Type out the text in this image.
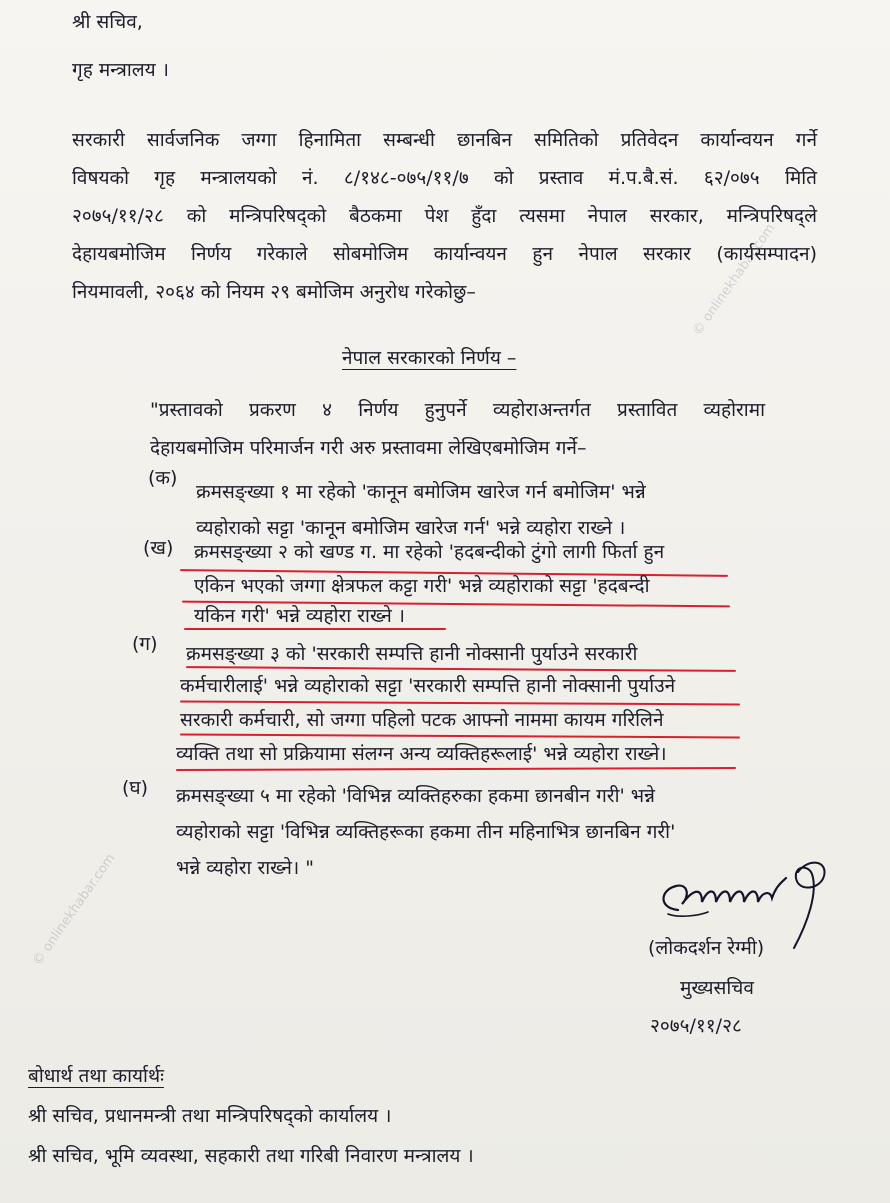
© onlinekhabar.com
© onlinekhabar.com
श्री सचिव,
गृह मन्त्रालय ।
सरकारी सार्वजनिक जग्गा हिनामिता सम्बन्धी छानबिन समितिको प्रतिवेदन कार्यान्वयन गर्ने
विषयको गृह मन्त्रालयको नं. ८/१४८-०७५/११/७ को प्रस्ताव मं.प.बै.सं. ६२/०७५ मिति
२०७५/११/२८ को मन्त्रिपरिषद्को बैठकमा पेश हुँदा त्यसमा नेपाल सरकार, मन्त्रिपरिषद्ले
देहायबमोजिम निर्णय गरेकाले सोबमोजिम कार्यान्वयन हुन नेपाल सरकार (कार्यसम्पादन)
नियमावली, २०६४ को नियम २९ बमोजिम अनुरोध गरेकोछु–
नेपाल सरकारको निर्णय –
"प्रस्तावको प्रकरण ४ निर्णय हुनुपर्ने व्यहोराअन्तर्गत प्रस्तावित व्यहोरामा
देहायबमोजिम परिमार्जन गरी अरु प्रस्तावमा लेखिएबमोजिम गर्ने–
(क)
क्रमसङ्ख्या १ मा रहेको 'कानून बमोजिम खारेज गर्न बमोजिम' भन्ने
व्यहोराको सट्टा 'कानून बमोजिम खारेज गर्न' भन्ने व्यहोरा राख्ने ।
(ख) क्रमसङ्ख्या २ को खण्ड ग. मा रहेको 'हदबन्दीको टुंगो लागी फिर्ता हुन
एकिन भएको जग्गा क्षेत्रफल कट्टा गरी' भन्ने व्यहोराको सट्टा 'हदबन्दी
यकिन गरी' भन्ने व्यहोरा राख्ने ।
(ग) क्रमसङ्ख्या ३ को 'सरकारी सम्पत्ति हानी नोक्सानी पुर्याउने सरकारी
कर्मचारीलाई' भन्ने व्यहोराको सट्टा 'सरकारी सम्पत्ति हानी नोक्सानी पुर्याउने
सरकारी कर्मचारी, सो जग्गा पहिलो पटक आफ्नो नाममा कायम गरिलिने
व्यक्ति तथा सो प्रक्रियामा संलग्न अन्य व्यक्तिहरूलाई' भन्ने व्यहोरा राख्ने।
(घ) क्रमसङ्ख्या ५ मा रहेको 'विभिन्न व्यक्तिहरुका हकमा छानबीन गरी' भन्ने
व्यहोराको सट्टा 'विभिन्न व्यक्तिहरूका हकमा तीन महिनाभित्र छानबिन गरी'
भन्ने व्यहोरा राख्ने। "
(लोकदर्शन रेग्मी)
मुख्यसचिव
२०७५/११/२८
बोधार्थ तथा कार्यार्थः
श्री सचिव, प्रधानमन्त्री तथा मन्त्रिपरिषद्को कार्यालय ।
श्री सचिव, भूमि व्यवस्था, सहकारी तथा गरिबी निवारण मन्त्रालय ।
